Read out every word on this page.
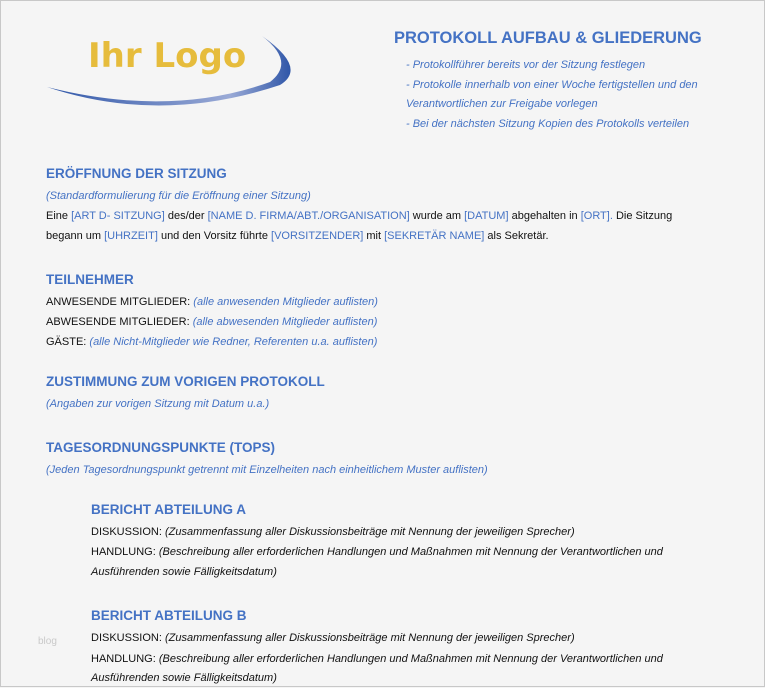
Ihr Logo	PROTOKOLL AUFBAU & GLIEDERUNG
- Protokollführer bereits vor der Sitzung festlegen
- Protokolle innerhalb von einer Woche fertigstellen und den
Verantwortlichen zur Freigabe vorlegen
- Bei der nächsten Sitzung Kopien des Protokolls verteilen
ERÖFFNUNG DER SITZUNG
(Standardformulierung für die Eröffnung einer Sitzung)
Eine [ART D- SITZUNG] des/der [NAME D. FIRMA/ABT./ORGANISATION] wurde am [DATUM] abgehalten in [ORT]. Die Sitzung
begann um [UHRZEIT] und den Vorsitz führte [VORSITZENDER] mit [SEKRETÄR NAME] als Sekretär.
TEILNEHMER
ANWESENDE MITGLIEDER: (alle anwesenden Mitglieder auflisten)
ABWESENDE MITGLIEDER: (alle abwesenden Mitglieder auflisten)
GÄSTE: (alle Nicht-Mitglieder wie Redner, Referenten u.a. auflisten)
ZUSTIMMUNG ZUM VORIGEN PROTOKOLL
(Angaben zur vorigen Sitzung mit Datum u.a.)
TAGESORDNUNGSPUNKTE (TOPS)
(Jeden Tagesordnungspunkt getrennt mit Einzelheiten nach einheitlichem Muster auflisten)
BERICHT ABTEILUNG A
DISKUSSION: (Zusammenfassung aller Diskussionsbeiträge mit Nennung der jeweiligen Sprecher)
HANDLUNG: (Beschreibung aller erforderlichen Handlungen und Maßnahmen mit Nennung der Verantwortlichen und
Ausführenden sowie Fälligkeitsdatum)
BERICHT ABTEILUNG B
DISKUSSION: (Zusammenfassung aller Diskussionsbeiträge mit Nennung der jeweiligen Sprecher)
HANDLUNG: (Beschreibung aller erforderlichen Handlungen und Maßnahmen mit Nennung der Verantwortlichen und
Ausführenden sowie Fälligkeitsdatum)
blog
